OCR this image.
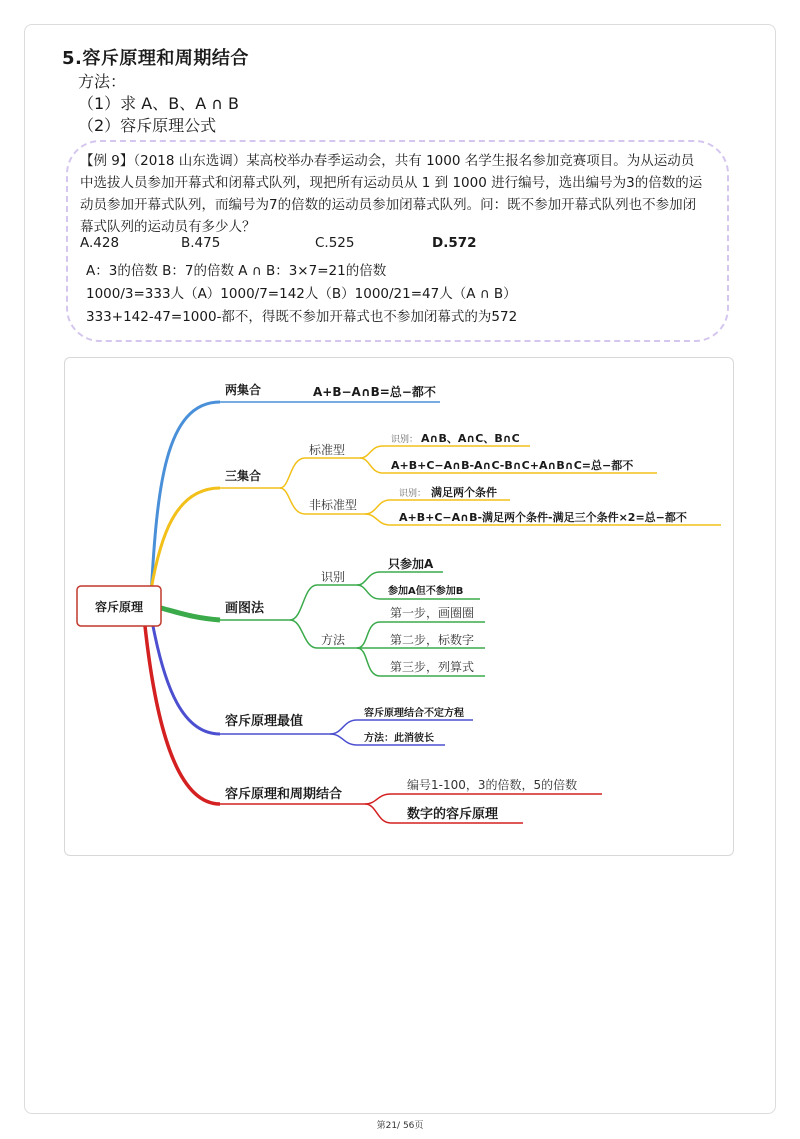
5.容斥原理和周期结合
方法：
（1）求 A、B、A ∩ B
（2）容斥原理公式
【例 9】（2018 山东选调）某高校举办春季运动会，共有 1000 名学生报名参加竞赛项目。为从运动员
中选拔人员参加开幕式和闭幕式队列，现把所有运动员从 1 到 1000 进行编号，选出编号为3的倍数的运
动员参加开幕式队列，而编号为7的倍数的运动员参加闭幕式队列。问：既不参加开幕式队列也不参加闭
幕式队列的运动员有多少人？
A.428	B.475	C.525	D.572
A：3的倍数 B：7的倍数 A ∩ B：3×7=21的倍数
1000/3=333人（A）1000/7=142人（B）1000/21=47人（A ∩ B）
333+142-47=1000-都不，得既不参加开幕式也不参加闭幕式的为572
容斥原理
两集合	A+B−A∩B=总−都不
三集合
标准型
识别： A∩B、A∩C、B∩C
A+B+C−A∩B-A∩C-B∩C+A∩B∩C=总−都不
非标准型
识别： 满足两个条件
A+B+C−A∩B-满足两个条件-满足三个条件×2=总−都不
画图法
识别
只参加A
参加A但不参加B
方法
第一步，画圈圈
第二步，标数字
第三步，列算式
容斥原理最值
容斥原理结合不定方程
方法：此消彼长
容斥原理和周期结合
编号1-100，3的倍数，5的倍数
数字的容斥原理
第21/ 56页
